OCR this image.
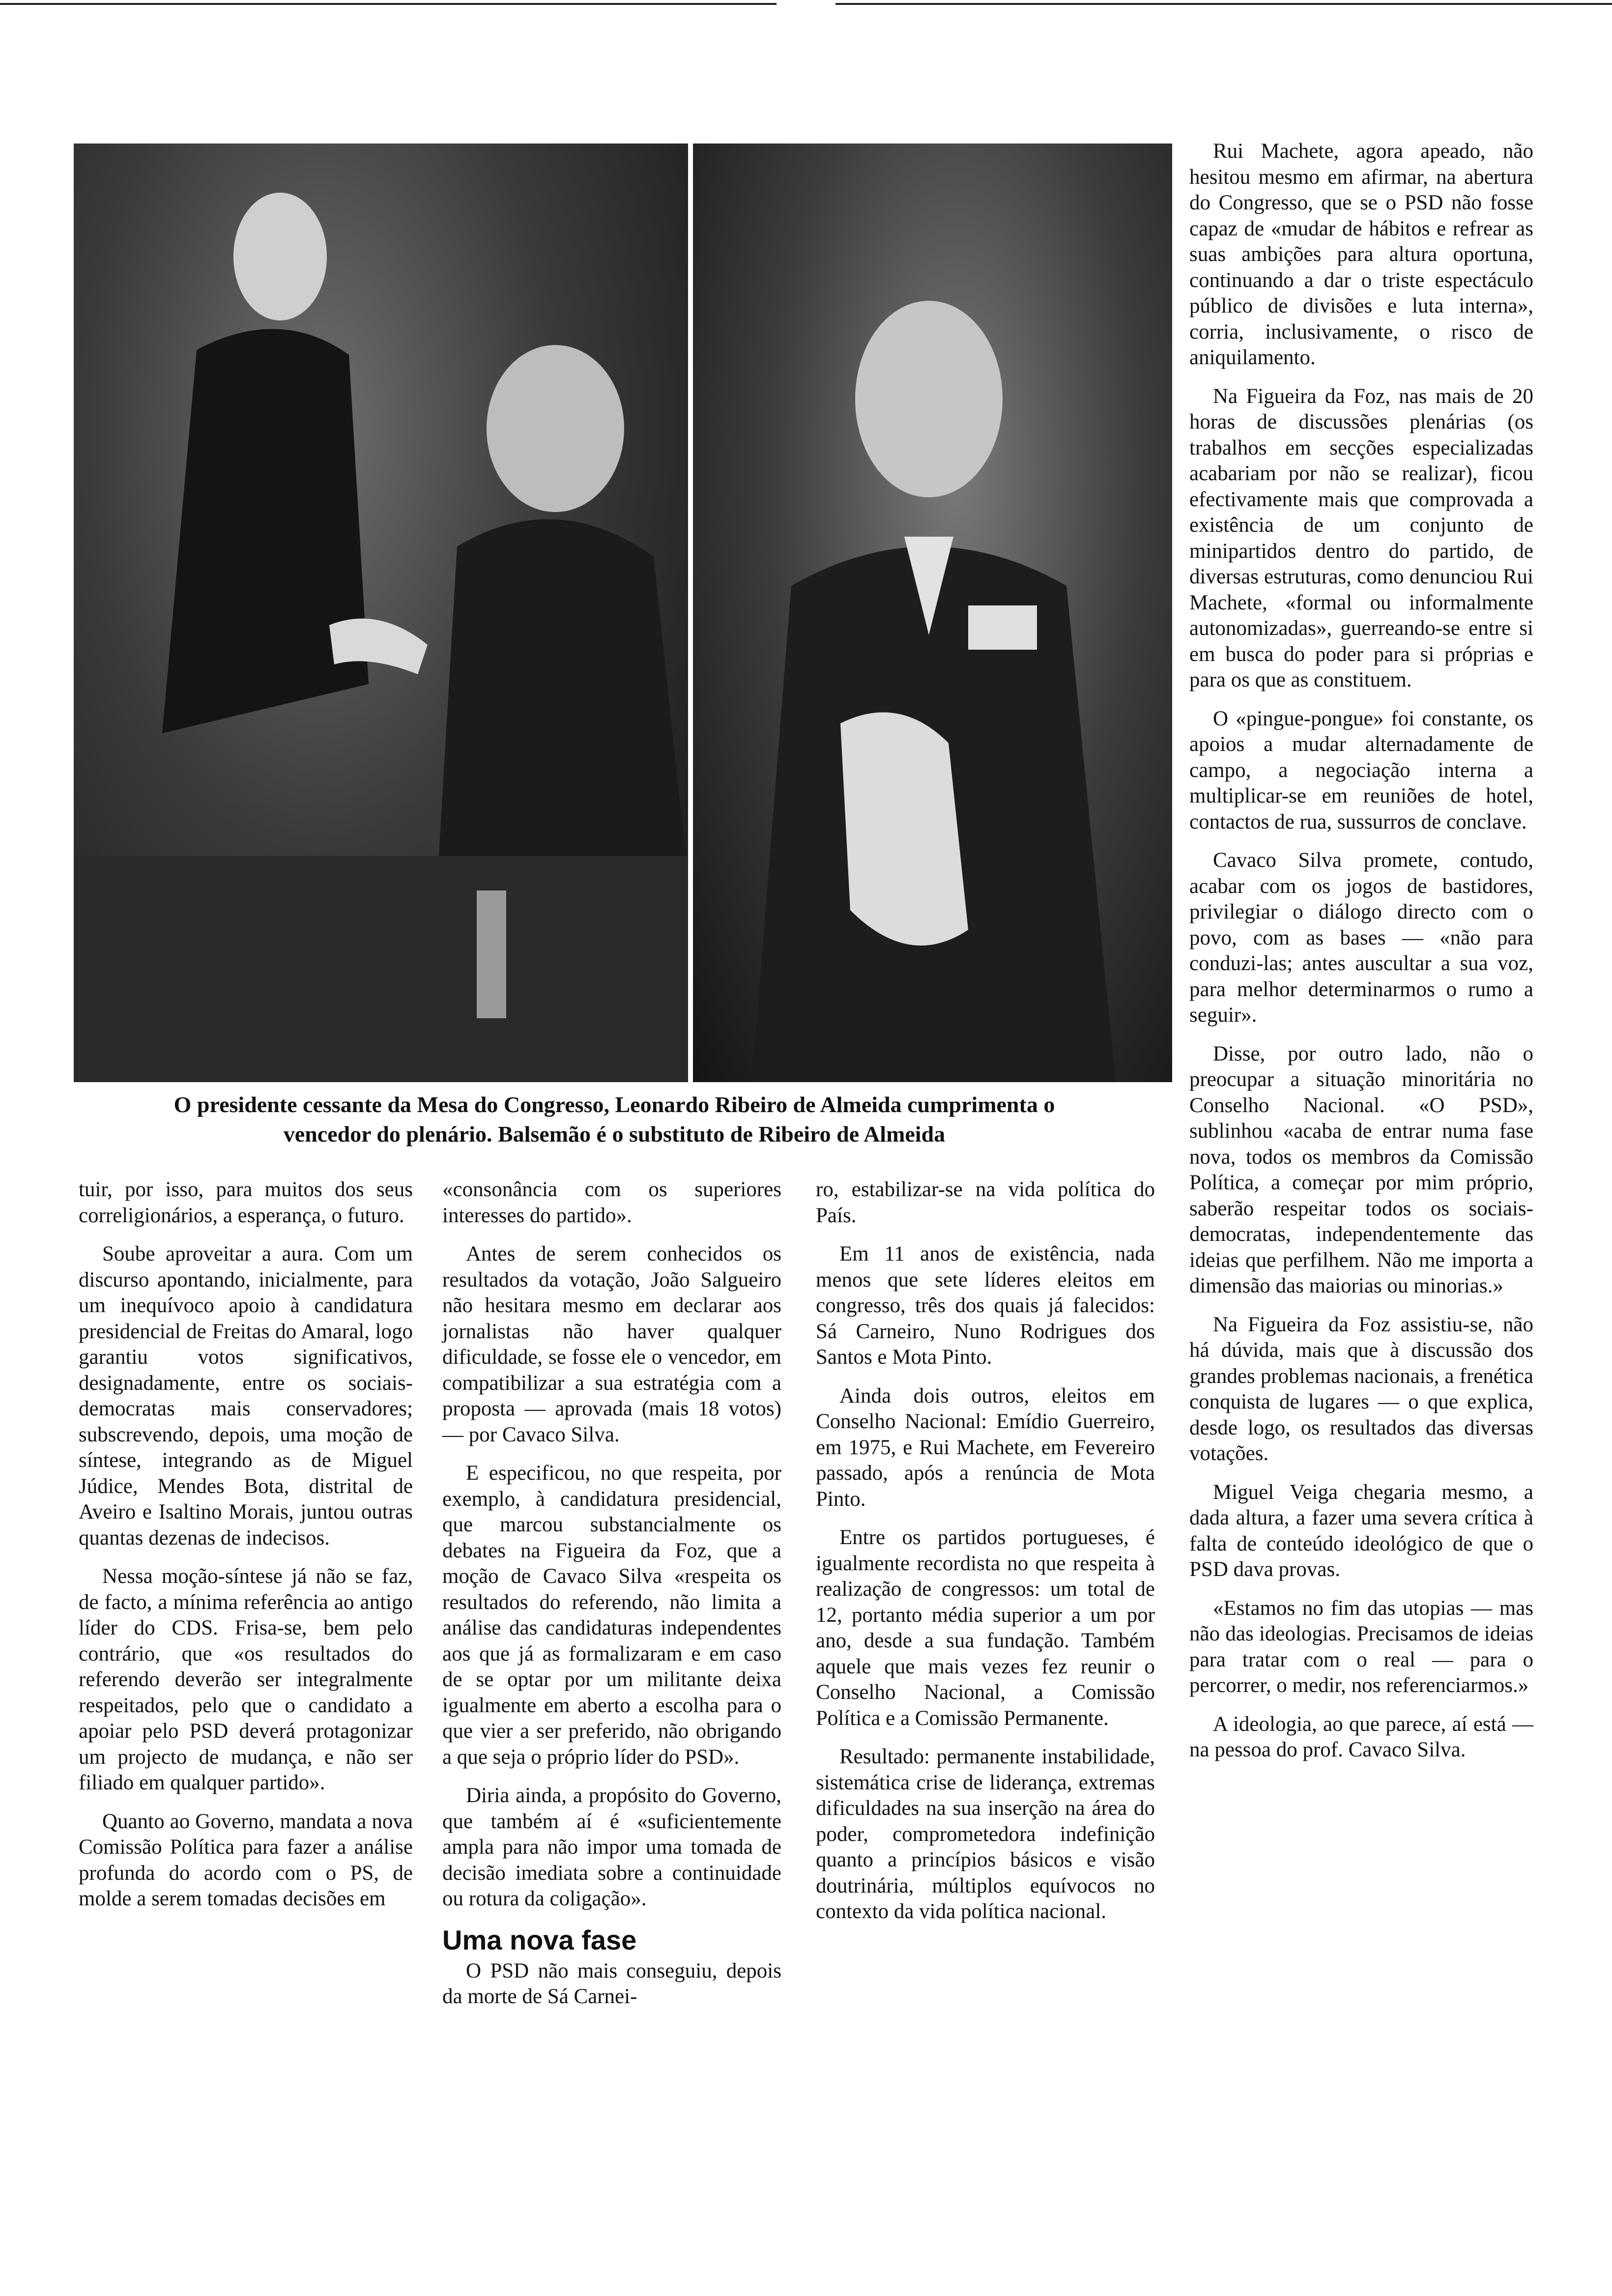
O presidente cessante da Mesa do Congresso, Leonardo Ribeiro de Almeida cumprimenta o
vencedor do plenário. Balsemão é o substituto de Ribeiro de Almeida

Rui Machete, agora apeado, não hesitou mesmo em afirmar, na abertura do Congresso, que se o PSD não fosse capaz de «mudar de hábitos e refrear as suas ambições para altura oportuna, continuando a dar o triste espectáculo público de divisões e luta interna», corria, inclusivamente, o risco de aniquilamento.

Na Figueira da Foz, nas mais de 20 horas de discussões plenárias (os trabalhos em secções especializadas acabariam por não se realizar), ficou efectivamente mais que comprovada a existência de um conjunto de minipartidos dentro do partido, de diversas estruturas, como denunciou Rui Machete, «formal ou informalmente autonomizadas», guerreando-se entre si em busca do poder para si próprias e para os que as constituem.

O «pingue-pongue» foi constante, os apoios a mudar alternadamente de campo, a negociação interna a multiplicar-se em reuniões de hotel, contactos de rua, sussurros de conclave.

Cavaco Silva promete, contudo, acabar com os jogos de bastidores, privilegiar o diálogo directo com o povo, com as bases — «não para conduzi-las; antes auscultar a sua voz, para melhor determinarmos o rumo a seguir».

Disse, por outro lado, não o preocupar a situação minoritária no Conselho Nacional. «O PSD», sublinhou «acaba de entrar numa fase nova, todos os membros da Comissão Política, a começar por mim próprio, saberão respeitar todos os sociais-democratas, independentemente das ideias que perfilhem. Não me importa a dimensão das maiorias ou minorias.»

Na Figueira da Foz assistiu-se, não há dúvida, mais que à discussão dos grandes problemas nacionais, a frenética conquista de lugares — o que explica, desde logo, os resultados das diversas votações.

Miguel Veiga chegaria mesmo, a dada altura, a fazer uma severa crítica à falta de conteúdo ideológico de que o PSD dava provas.

«Estamos no fim das utopias — mas não das ideologias. Precisamos de ideias para tratar com o real — para o percorrer, o medir, nos referenciarmos.»

A ideologia, ao que parece, aí está — na pessoa do prof. Cavaco Silva.

tuir, por isso, para muitos dos seus correligionários, a esperança, o futuro.

Soube aproveitar a aura. Com um discurso apontando, inicialmente, para um inequívoco apoio à candidatura presidencial de Freitas do Amaral, logo garantiu votos significativos, designadamente, entre os sociais-democratas mais conservadores; subscrevendo, depois, uma moção de síntese, integrando as de Miguel Júdice, Mendes Bota, distrital de Aveiro e Isaltino Morais, juntou outras quantas dezenas de indecisos.

Nessa moção-síntese já não se faz, de facto, a mínima referência ao antigo líder do CDS. Frisa-se, bem pelo contrário, que «os resultados do referendo deverão ser integralmente respeitados, pelo que o candidato a apoiar pelo PSD deverá protagonizar um projecto de mudança, e não ser filiado em qualquer partido».

Quanto ao Governo, mandata a nova Comissão Política para fazer a análise profunda do acordo com o PS, de molde a serem tomadas decisões em

«consonância com os superiores interesses do partido».

Antes de serem conhecidos os resultados da votação, João Salgueiro não hesitara mesmo em declarar aos jornalistas não haver qualquer dificuldade, se fosse ele o vencedor, em compatibilizar a sua estratégia com a proposta — aprovada (mais 18 votos) — por Cavaco Silva.

E especificou, no que respeita, por exemplo, à candidatura presidencial, que marcou substancialmente os debates na Figueira da Foz, que a moção de Cavaco Silva «respeita os resultados do referendo, não limita a análise das candidaturas independentes aos que já as formalizaram e em caso de se optar por um militante deixa igualmente em aberto a escolha para o que vier a ser preferido, não obrigando a que seja o próprio líder do PSD».

Diria ainda, a propósito do Governo, que também aí é «suficientemente ampla para não impor uma tomada de decisão imediata sobre a continuidade ou rotura da coligação».

Uma nova fase

O PSD não mais conseguiu, depois da morte de Sá Carnei-

ro, estabilizar-se na vida política do País.

Em 11 anos de existência, nada menos que sete líderes eleitos em congresso, três dos quais já falecidos: Sá Carneiro, Nuno Rodrigues dos Santos e Mota Pinto.

Ainda dois outros, eleitos em Conselho Nacional: Emídio Guerreiro, em 1975, e Rui Machete, em Fevereiro passado, após a renúncia de Mota Pinto.

Entre os partidos portugueses, é igualmente recordista no que respeita à realização de congressos: um total de 12, portanto média superior a um por ano, desde a sua fundação. Também aquele que mais vezes fez reunir o Conselho Nacional, a Comissão Política e a Comissão Permanente.

Resultado: permanente instabilidade, sistemática crise de liderança, extremas dificuldades na sua inserção na área do poder, comprometedora indefinição quanto a princípios básicos e visão doutrinária, múltiplos equívocos no contexto da vida política nacional.
